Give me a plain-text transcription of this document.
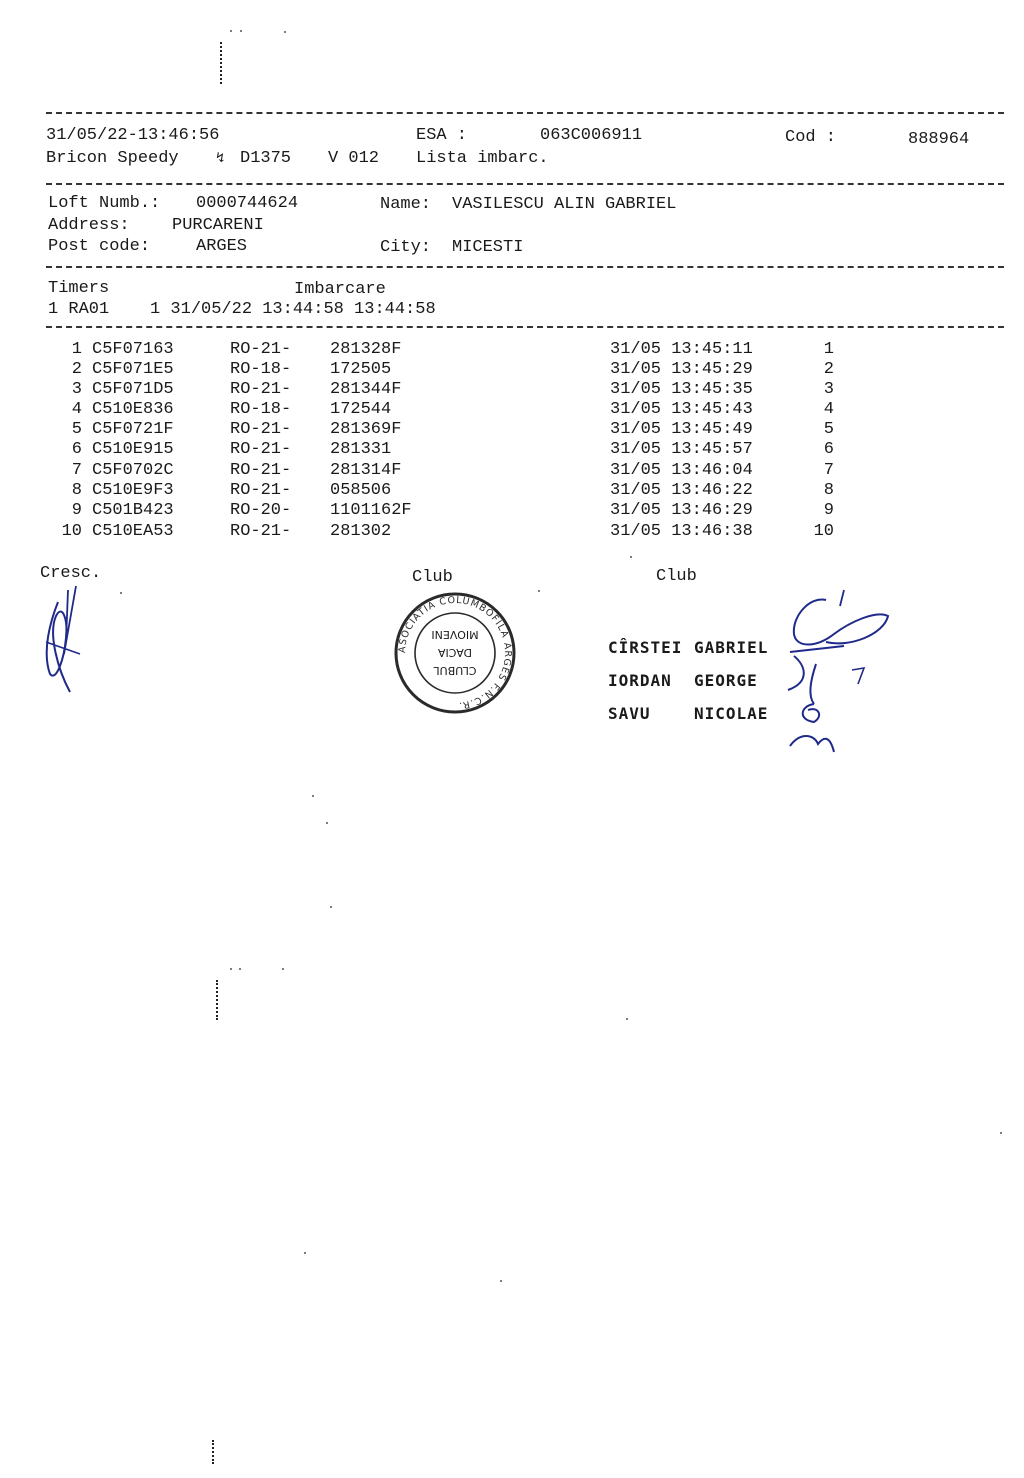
31/05/22-13:46:56	ESA :	063C006911	Cod :	888964
Bricon Speedy ↯ D1375 V 012 Lista imbarc.
Loft Numb.: 0000744624	Name: VASILESCU ALIN GABRIEL
Address: PURCARENI
Post code:	ARGES	City: MICESTI
Timers	Imbarcare
1 RA01    1 31/05/22 13:44:58 13:44:58
1 C5F07163	RO-21- 281328F	31/05 13:45:11	1
2 C5F071E5	RO-18- 172505	31/05 13:45:29	2
3 C5F071D5	RO-21- 281344F	31/05 13:45:35	3
4 C510E836	RO-18- 172544	31/05 13:45:43	4
5 C5F0721F	RO-21- 281369F	31/05 13:45:49	5
6 C510E915	RO-21- 281331	31/05 13:45:57	6
7 C5F0702C	RO-21- 281314F	31/05 13:46:04	7
8 C510E9F3	RO-21- 058506	31/05 13:46:22	8
9 C501B423	RO-20- 1101162F	31/05 13:46:29	9
10 C510EA53	RO-21- 281302	31/05 13:46:38	10
Cresc.	Club	Club
ASOCIATIA COLUMBOFILA ARGES F.N.C.R.
CLUBUL
DACIA
MIOVENI
CÎRSTEI GABRIEL
IORDAN GEORGE
SAVU	NICOLAE
